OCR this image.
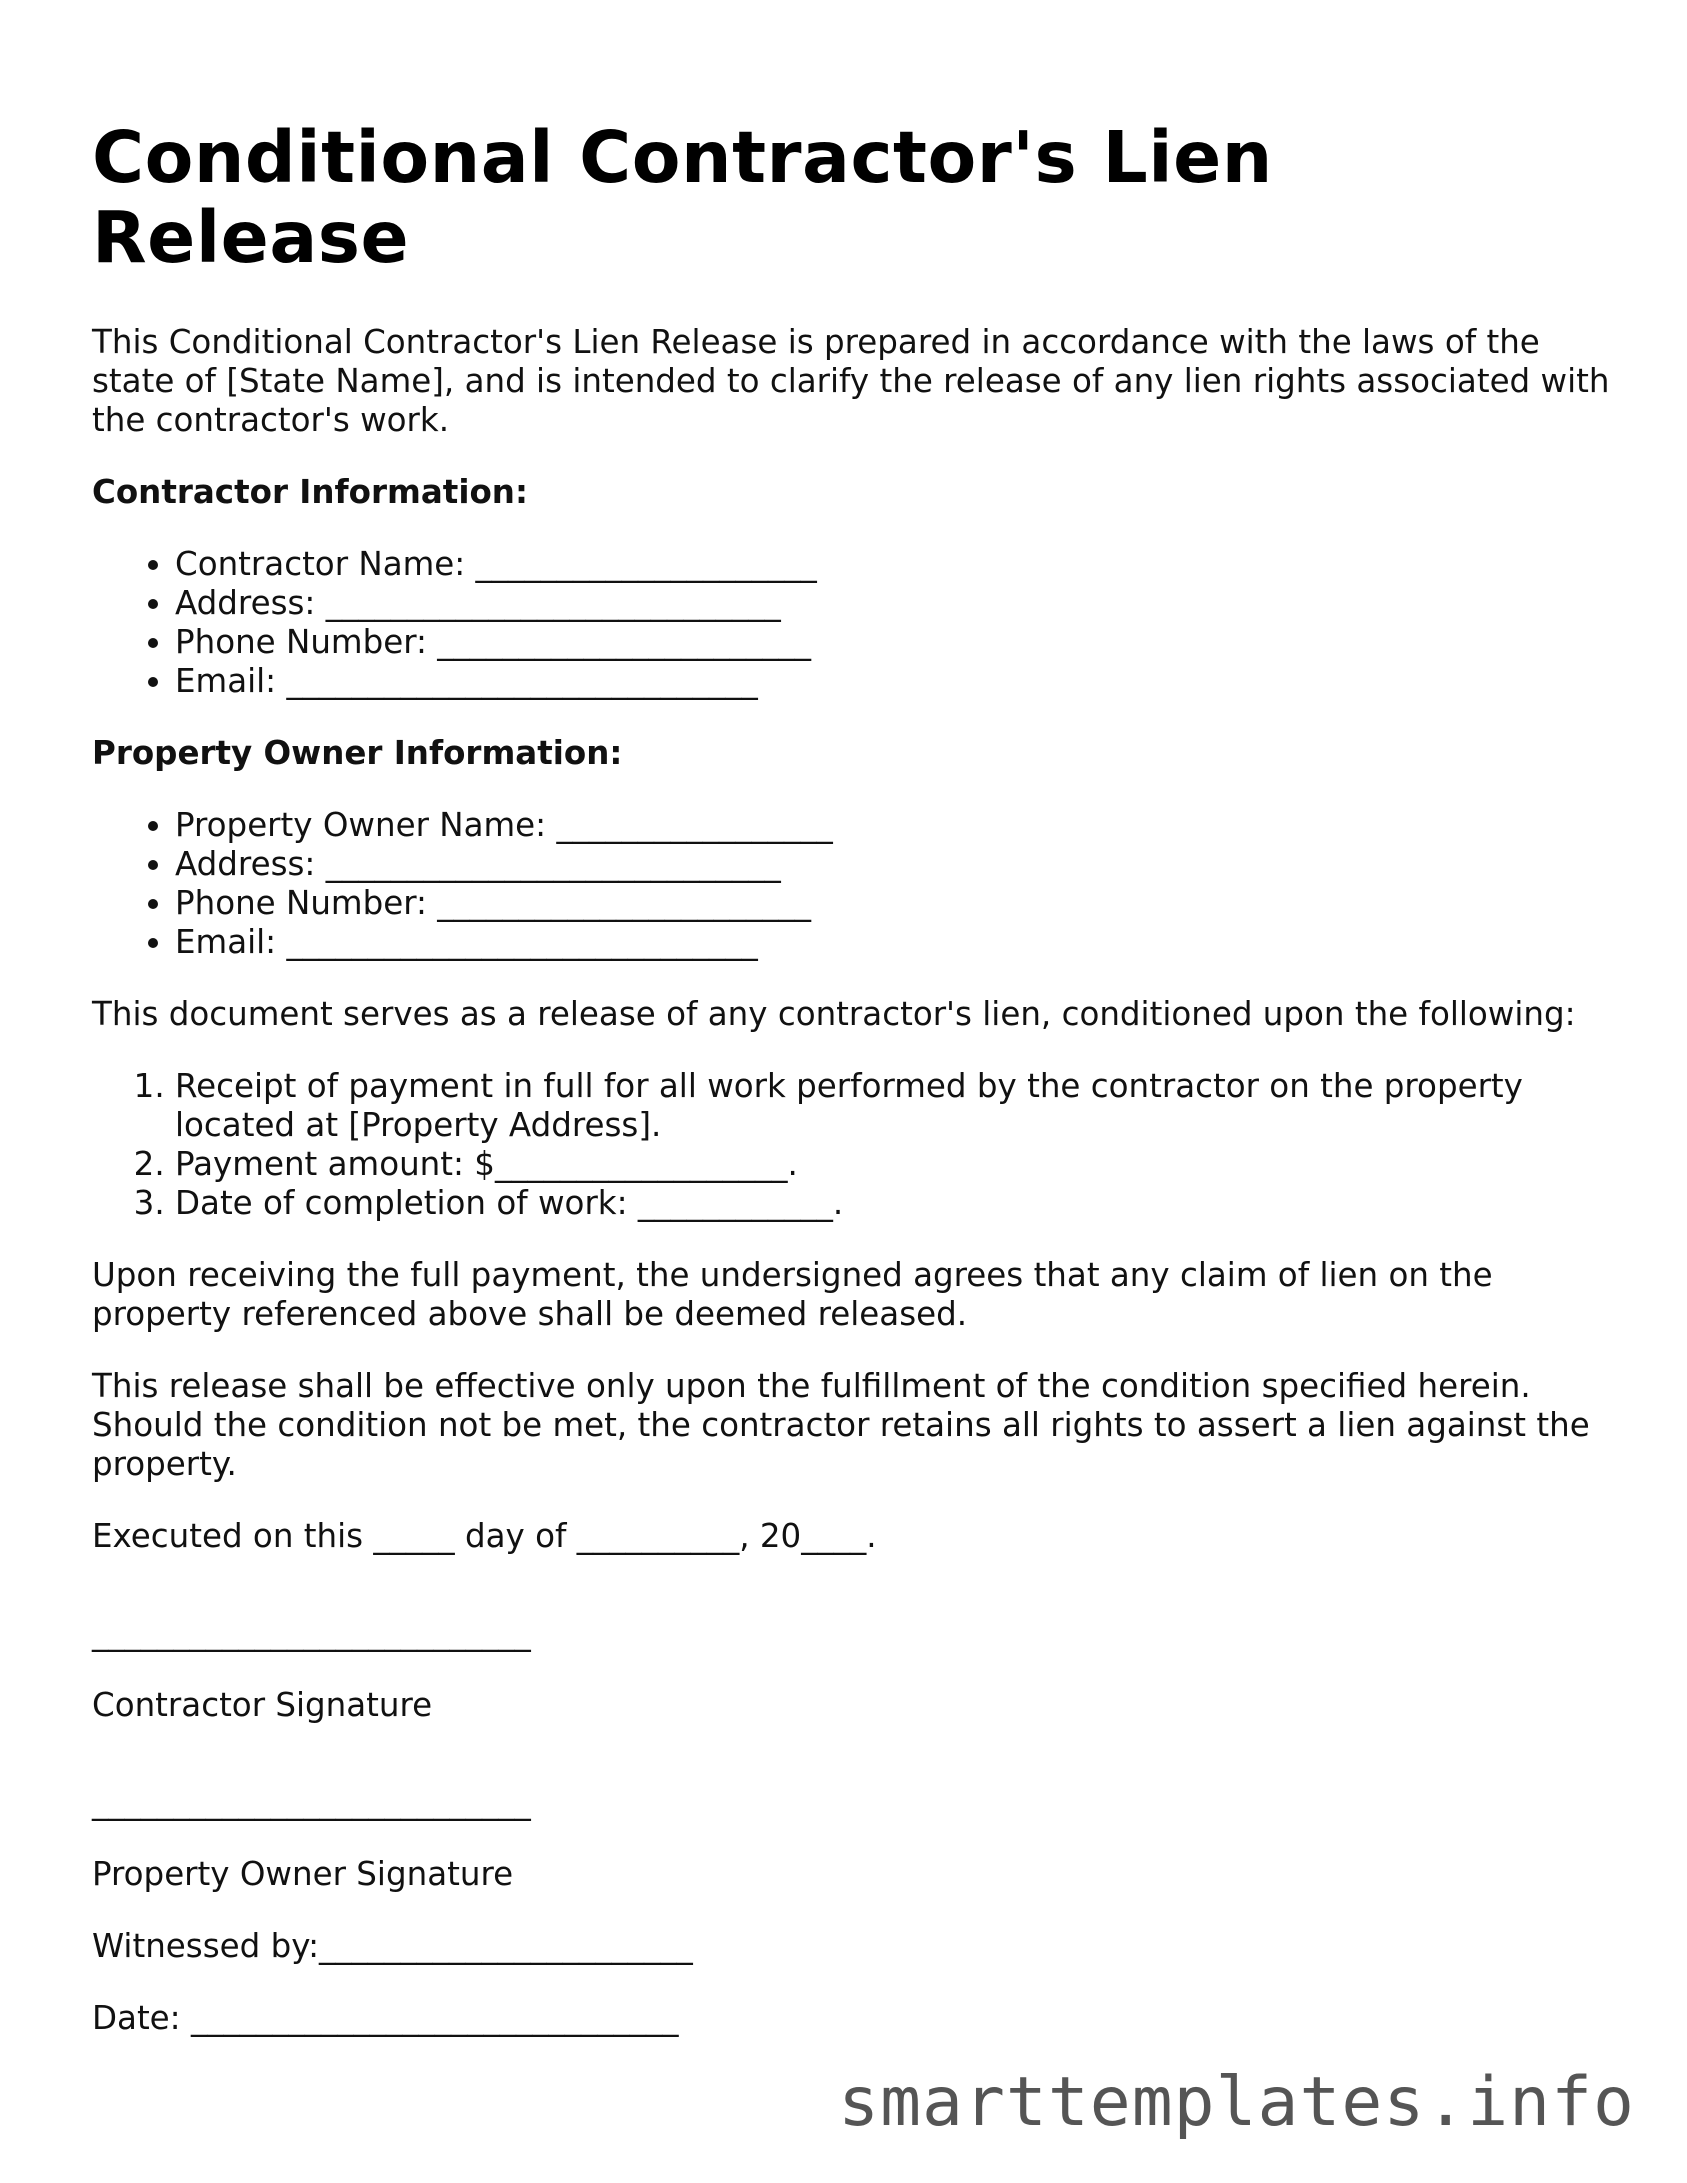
Conditional Contractor's Lien Release

This Conditional Contractor's Lien Release is prepared in accordance with the laws of the state of [State Name], and is intended to clarify the release of any lien rights associated with the contractor's work.

Contractor Information:

• Contractor Name: _____________________
• Address: ____________________________
• Phone Number: _______________________
• Email: _____________________________

Property Owner Information:

• Property Owner Name: _________________
• Address: ____________________________
• Phone Number: _______________________
• Email: _____________________________

This document serves as a release of any contractor's lien, conditioned upon the following:

1. Receipt of payment in full for all work performed by the contractor on the property located at [Property Address].
2. Payment amount: $__________________.
3. Date of completion of work: ____________.

Upon receiving the full payment, the undersigned agrees that any claim of lien on the property referenced above shall be deemed released.

This release shall be effective only upon the fulfillment of the condition specified herein. Should the condition not be met, the contractor retains all rights to assert a lien against the property.

Executed on this _____ day of __________, 20____.

___________________________

Contractor Signature

___________________________

Property Owner Signature

Witnessed by:_______________________

Date: ______________________________

smarttemplates.info
